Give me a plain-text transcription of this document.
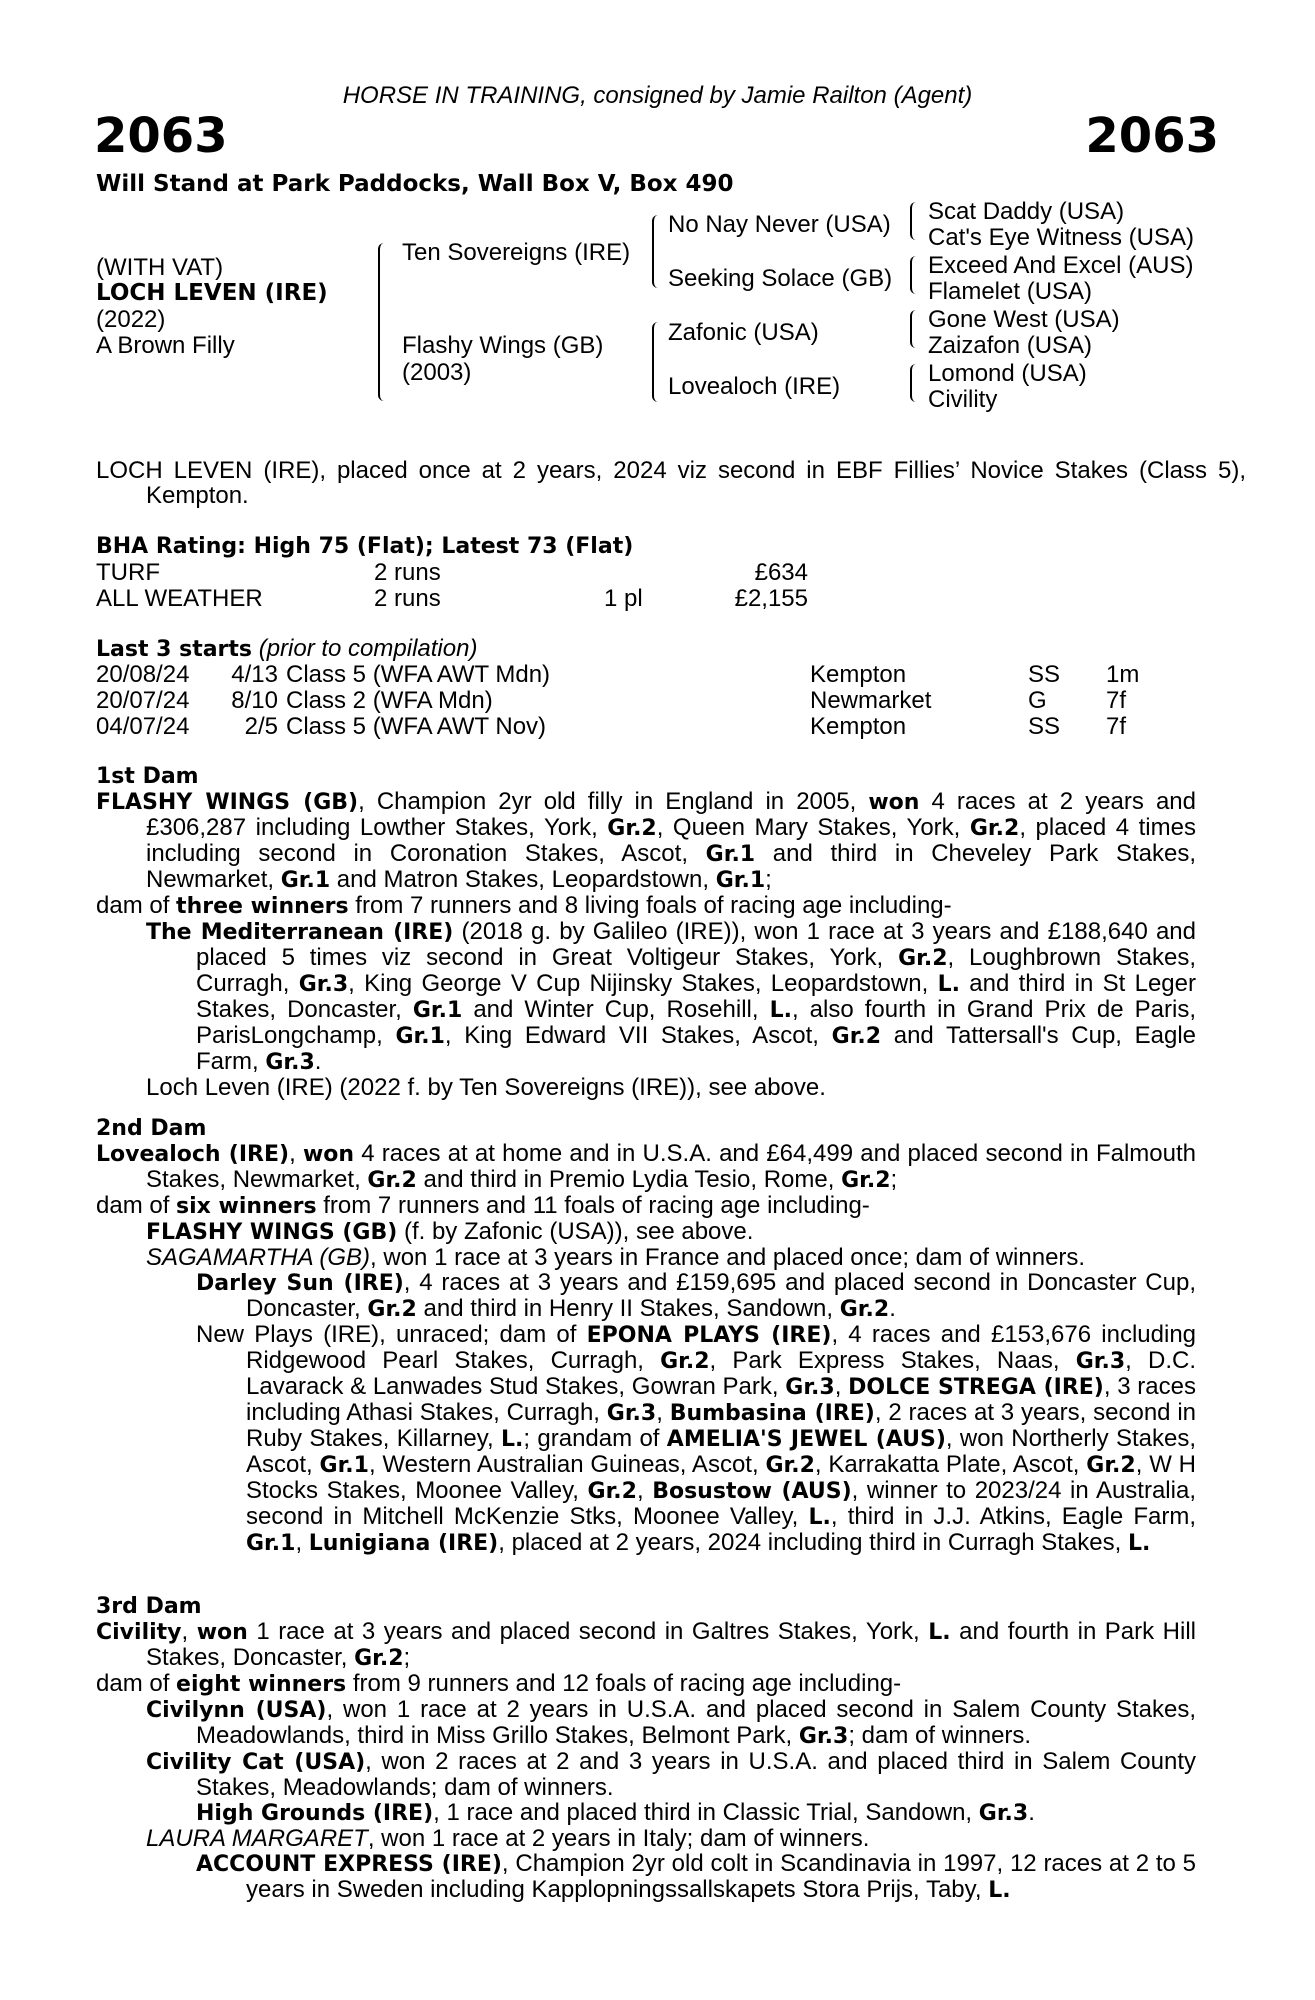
HORSE IN TRAINING, consigned by Jamie Railton (Agent)
2063	2063
Will Stand at Park Paddocks, Wall Box V, Box 490
(WITH VAT)
LOCH LEVEN (IRE)
(2022)
A Brown Filly
Ten Sovereigns (IRE)
Flashy Wings (GB)
(2003)
No Nay Never (USA)
Seeking Solace (GB)
Zafonic (USA)
Lovealoch (IRE)
Scat Daddy (USA)
Cat's Eye Witness (USA)
Exceed And Excel (AUS)
Flamelet (USA)
Gone West (USA)
Zaizafon (USA)
Lomond (USA)
Civility
LOCH LEVEN (IRE), placed once at 2 years, 2024 viz second in EBF Fillies’ Novice Stakes (Class 5), Kempton.
BHA Rating: High 75 (Flat); Latest 73 (Flat)
TURF	2 runs	£634
ALL WEATHER	2 runs	1 pl	£2,155
Last 3 starts (prior to compilation)
20/08/24	4/13 Class 5 (WFA AWT Mdn)	Kempton	SS 1m
20/07/24	8/10 Class 2 (WFA Mdn)	Newmarket	G 7f
04/07/24	2/5 Class 5 (WFA AWT Nov)	Kempton	SS 7f
1st Dam
FLASHY WINGS (GB), Champion 2yr old filly in England in 2005, won 4 races at 2 years and £306,287 including Lowther Stakes, York, Gr.2, Queen Mary Stakes, York, Gr.2, placed 4 times including second in Coronation Stakes, Ascot, Gr.1 and third in Cheveley Park Stakes, Newmarket, Gr.1 and Matron Stakes, Leopardstown, Gr.1;
dam of three winners from 7 runners and 8 living foals of racing age including-
The Mediterranean (IRE) (2018 g. by Galileo (IRE)), won 1 race at 3 years and £188,640 and placed 5 times viz second in Great Voltigeur Stakes, York, Gr.2, Loughbrown Stakes, Curragh, Gr.3, King George V Cup Nijinsky Stakes, Leopardstown, L. and third in St Leger Stakes, Doncaster, Gr.1 and Winter Cup, Rosehill, L., also fourth in Grand Prix de Paris, ParisLongchamp, Gr.1, King Edward VII Stakes, Ascot, Gr.2 and Tattersall's Cup, Eagle Farm, Gr.3.
Loch Leven (IRE) (2022 f. by Ten Sovereigns (IRE)), see above.
2nd Dam
Lovealoch (IRE), won 4 races at at home and in U.S.A. and £64,499 and placed second in Falmouth Stakes, Newmarket, Gr.2 and third in Premio Lydia Tesio, Rome, Gr.2;
dam of six winners from 7 runners and 11 foals of racing age including-
FLASHY WINGS (GB) (f. by Zafonic (USA)), see above.
SAGAMARTHA (GB), won 1 race at 3 years in France and placed once; dam of winners.
Darley Sun (IRE), 4 races at 3 years and £159,695 and placed second in Doncaster Cup, Doncaster, Gr.2 and third in Henry II Stakes, Sandown, Gr.2.
New Plays (IRE), unraced; dam of EPONA PLAYS (IRE), 4 races and £153,676 including Ridgewood Pearl Stakes, Curragh, Gr.2, Park Express Stakes, Naas, Gr.3, D.C. Lavarack & Lanwades Stud Stakes, Gowran Park, Gr.3, DOLCE STREGA (IRE), 3 races including Athasi Stakes, Curragh, Gr.3, Bumbasina (IRE), 2 races at 3 years, second in Ruby Stakes, Killarney, L.; grandam of AMELIA'S JEWEL (AUS), won Northerly Stakes, Ascot, Gr.1, Western Australian Guineas, Ascot, Gr.2, Karrakatta Plate, Ascot, Gr.2, W H Stocks Stakes, Moonee Valley, Gr.2, Bosustow (AUS), winner to 2023/24 in Australia, second in Mitchell McKenzie Stks, Moonee Valley, L., third in J.J. Atkins, Eagle Farm, Gr.1, Lunigiana (IRE), placed at 2 years, 2024 including third in Curragh Stakes, L.
3rd Dam
Civility, won 1 race at 3 years and placed second in Galtres Stakes, York, L. and fourth in Park Hill Stakes, Doncaster, Gr.2;
dam of eight winners from 9 runners and 12 foals of racing age including-
Civilynn (USA), won 1 race at 2 years in U.S.A. and placed second in Salem County Stakes, Meadowlands, third in Miss Grillo Stakes, Belmont Park, Gr.3; dam of winners.
Civility Cat (USA), won 2 races at 2 and 3 years in U.S.A. and placed third in Salem County Stakes, Meadowlands; dam of winners.
High Grounds (IRE), 1 race and placed third in Classic Trial, Sandown, Gr.3.
LAURA MARGARET, won 1 race at 2 years in Italy; dam of winners.
ACCOUNT EXPRESS (IRE), Champion 2yr old colt in Scandinavia in 1997, 12 races at 2 to 5 years in Sweden including Kapplopningssallskapets Stora Prijs, Taby, L.
